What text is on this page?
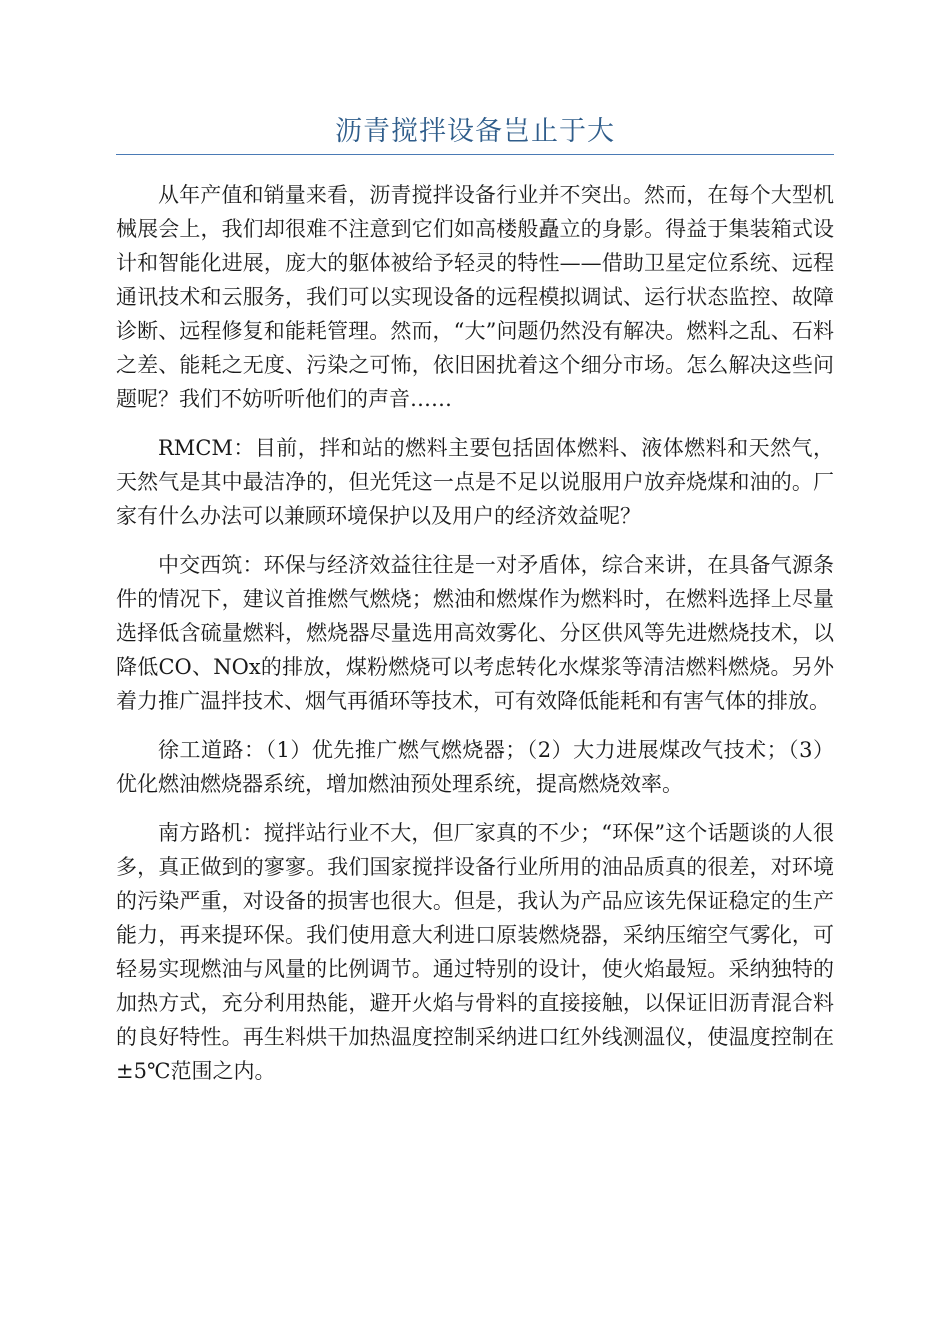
沥青搅拌设备岂止于大

从年产值和销量来看，沥青搅拌设备行业并不突出。然而，在每个大型机械展会上，我们却很难不注意到它们如高楼般矗立的身影。得益于集装箱式设计和智能化进展，庞大的躯体被给予轻灵的特性——借助卫星定位系统、远程通讯技术和云服务，我们可以实现设备的远程模拟调试、运行状态监控、故障诊断、远程修复和能耗管理。然而，“大”问题仍然没有解决。燃料之乱、石料之差、能耗之无度、污染之可怖，依旧困扰着这个细分市场。怎么解决这些问题呢？我们不妨听听他们的声音……

RMCM：目前，拌和站的燃料主要包括固体燃料、液体燃料和天然气，天然气是其中最洁净的，但光凭这一点是不足以说服用户放弃烧煤和油的。厂家有什么办法可以兼顾环境保护以及用户的经济效益呢？

中交西筑：环保与经济效益往往是一对矛盾体，综合来讲，在具备气源条件的情况下，建议首推燃气燃烧；燃油和燃煤作为燃料时，在燃料选择上尽量选择低含硫量燃料，燃烧器尽量选用高效雾化、分区供风等先进燃烧技术，以降低CO、NOx的排放，煤粉燃烧可以考虑转化水煤浆等清洁燃料燃烧。另外着力推广温拌技术、烟气再循环等技术，可有效降低能耗和有害气体的排放。

徐工道路：（1）优先推广燃气燃烧器；（2）大力进展煤改气技术；（3）优化燃油燃烧器系统，增加燃油预处理系统，提高燃烧效率。

南方路机：搅拌站行业不大，但厂家真的不少；“环保”这个话题谈的人很多，真正做到的寥寥。我们国家搅拌设备行业所用的油品质真的很差，对环境的污染严重，对设备的损害也很大。但是，我认为产品应该先保证稳定的生产能力，再来提环保。我们使用意大利进口原装燃烧器，采纳压缩空气雾化，可轻易实现燃油与风量的比例调节。通过特别的设计，使火焰最短。采纳独特的加热方式，充分利用热能，避开火焰与骨料的直接接触，以保证旧沥青混合料的良好特性。再生料烘干加热温度控制采纳进口红外线测温仪，使温度控制在±5℃范围之内。
